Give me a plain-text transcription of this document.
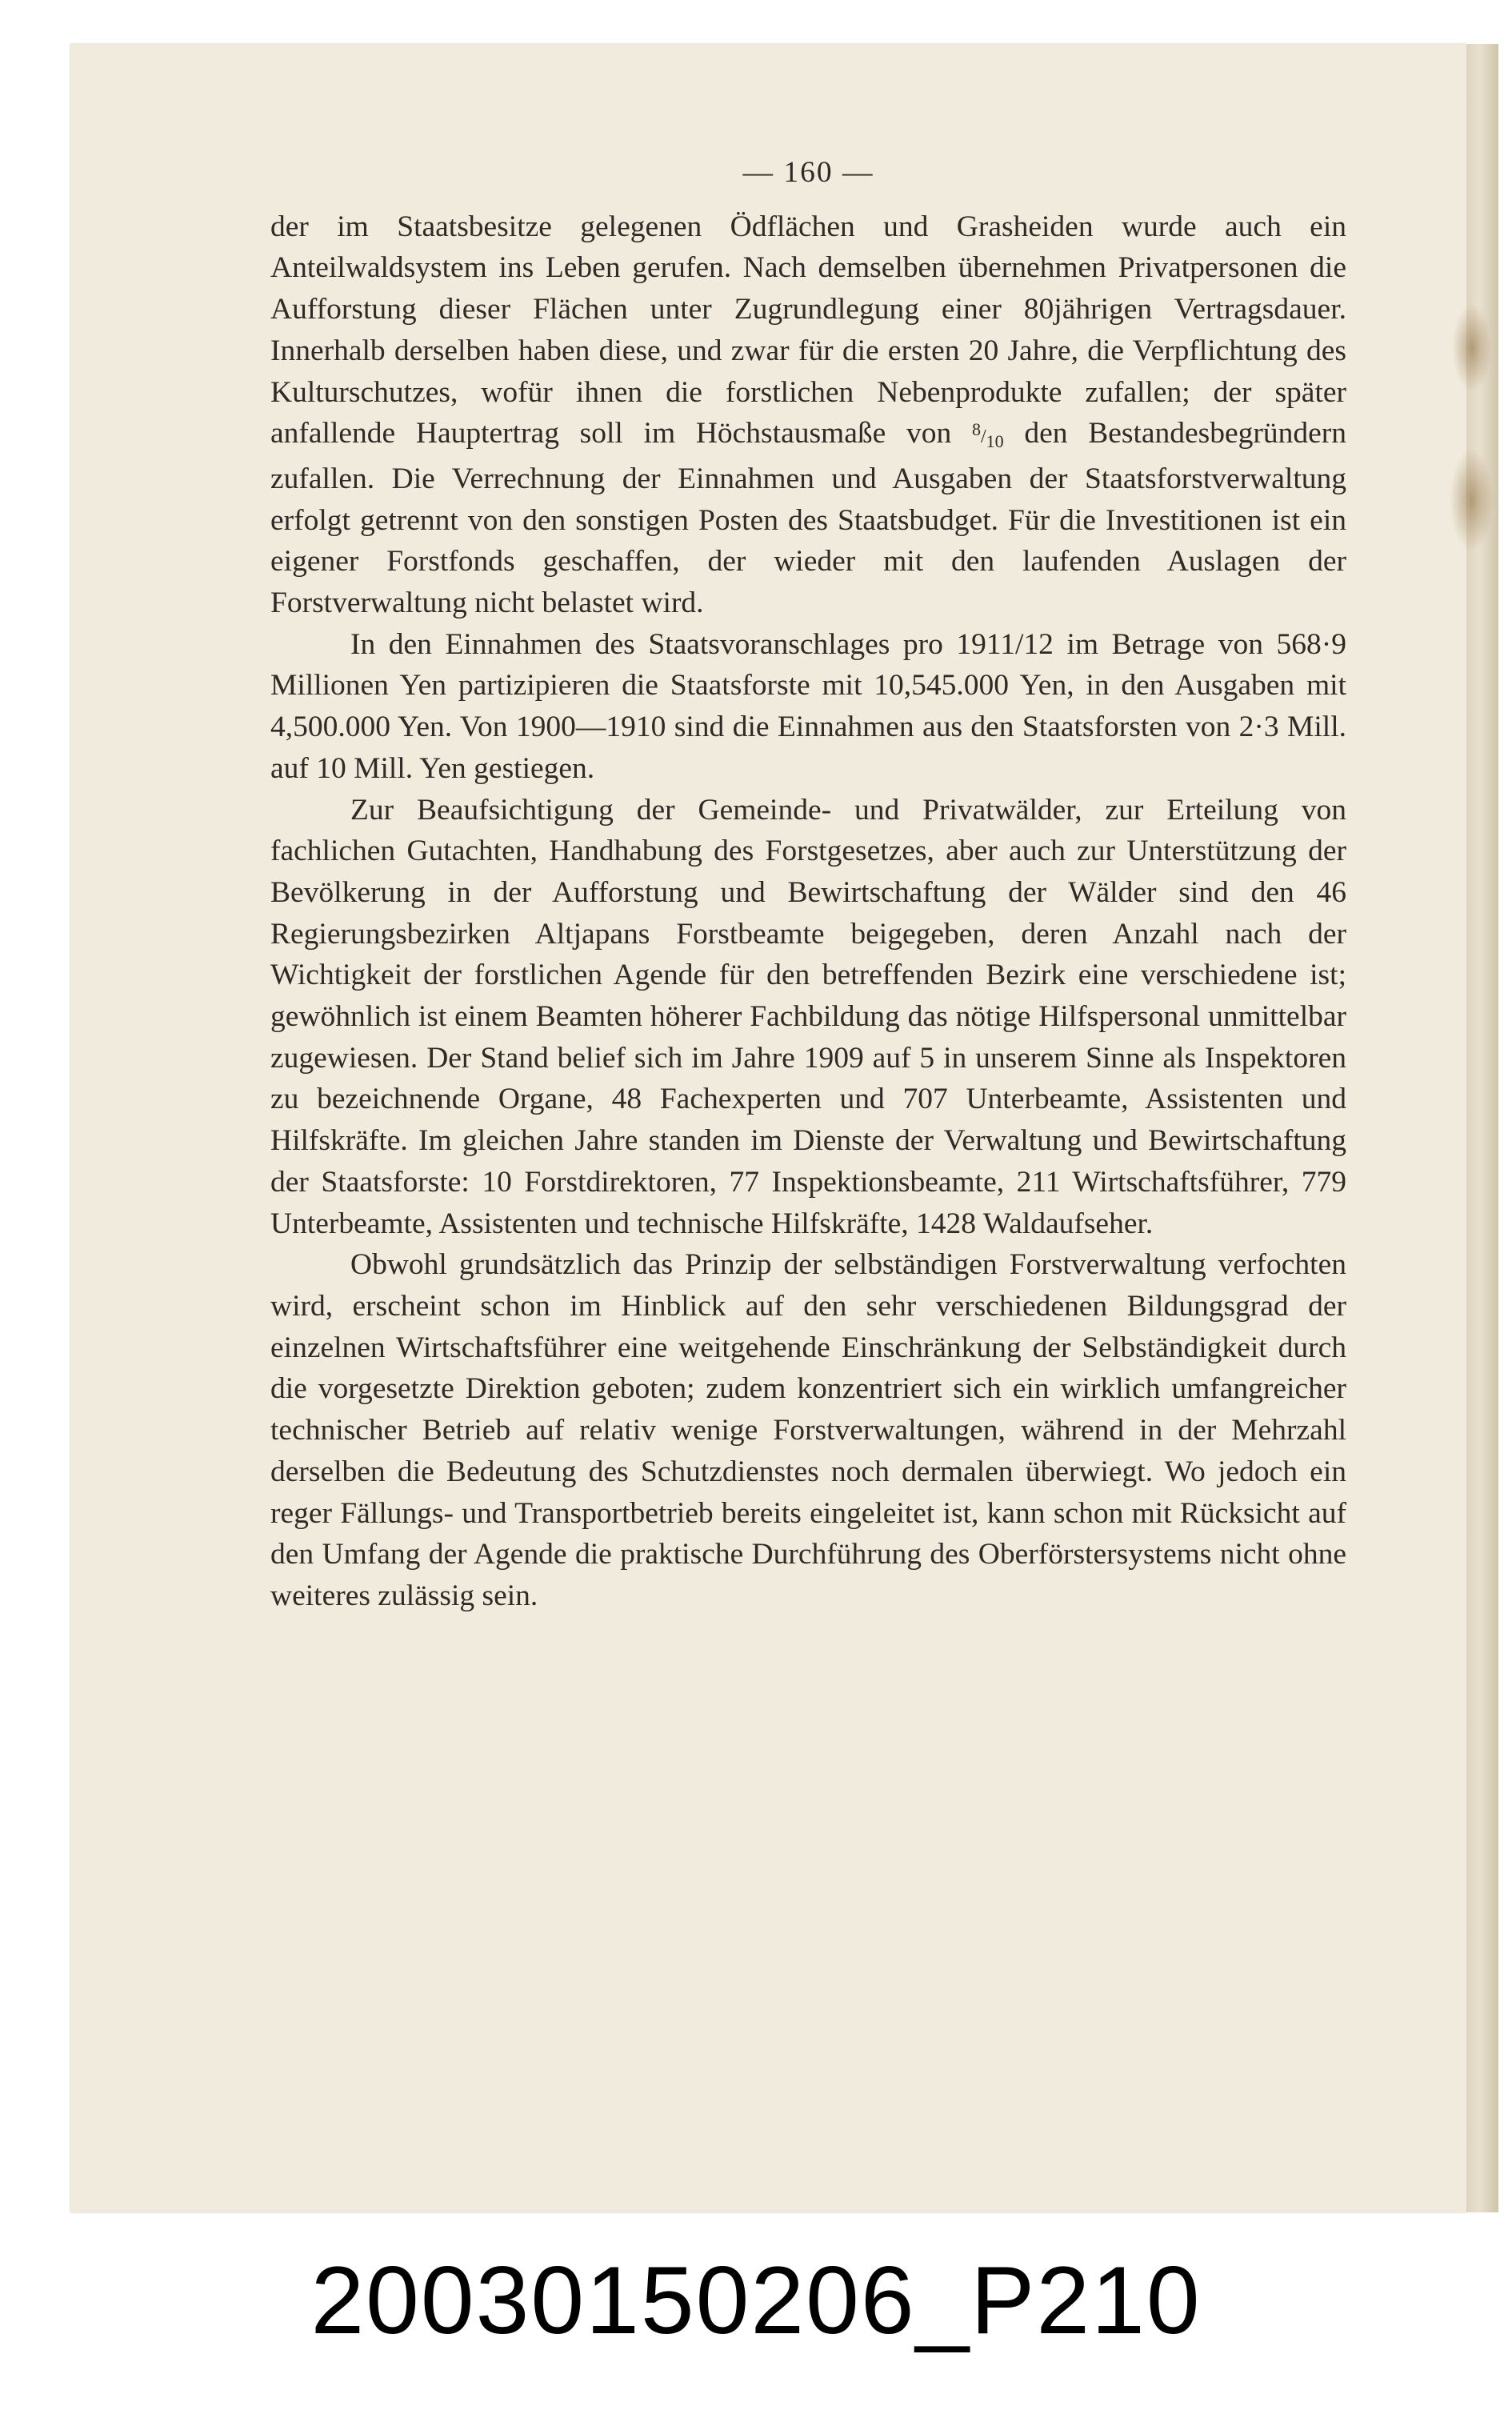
— 160 —

der im Staatsbesitze gelegenen Ödflächen und Grasheiden wurde auch ein Anteilwaldsystem ins Leben gerufen. Nach demselben übernehmen Privatpersonen die Aufforstung dieser Flächen unter Zugrundlegung einer 80jährigen Vertragsdauer. Innerhalb derselben haben diese, und zwar für die ersten 20 Jahre, die Verpflichtung des Kulturschutzes, wofür ihnen die forstlichen Nebenprodukte zufallen; der später anfallende Hauptertrag soll im Höchstausmaße von $^8/_{10}$ den Bestandesbegründern zufallen. Die Verrechnung der Einnahmen und Ausgaben der Staatsforstverwaltung erfolgt getrennt von den sonstigen Posten des Staatsbudget. Für die Investitionen ist ein eigener Forstfonds geschaffen, der wieder mit den laufenden Auslagen der Forstverwaltung nicht belastet wird.

In den Einnahmen des Staatsvoranschlages pro 1911/12 im Betrage von 568·9 Millionen Yen partizipieren die Staatsforste mit 10,545.000 Yen, in den Ausgaben mit 4,500.000 Yen. Von 1900—1910 sind die Einnahmen aus den Staatsforsten von 2·3 Mill. auf 10 Mill. Yen gestiegen.

Zur Beaufsichtigung der Gemeinde- und Privatwälder, zur Erteilung von fachlichen Gutachten, Handhabung des Forstgesetzes, aber auch zur Unterstützung der Bevölkerung in der Aufforstung und Bewirtschaftung der Wälder sind den 46 Regierungsbezirken Altjapans Forstbeamte beigegeben, deren Anzahl nach der Wichtigkeit der forstlichen Agende für den betreffenden Bezirk eine verschiedene ist; gewöhnlich ist einem Beamten höherer Fachbildung das nötige Hilfspersonal unmittelbar zugewiesen. Der Stand belief sich im Jahre 1909 auf 5 in unserem Sinne als Inspektoren zu bezeichnende Organe, 48 Fachexperten und 707 Unterbeamte, Assistenten und Hilfskräfte. Im gleichen Jahre standen im Dienste der Verwaltung und Bewirtschaftung der Staatsforste: 10 Forstdirektoren, 77 Inspektionsbeamte, 211 Wirtschaftsführer, 779 Unterbeamte, Assistenten und technische Hilfskräfte, 1428 Waldaufseher.

Obwohl grundsätzlich das Prinzip der selbständigen Forstverwaltung verfochten wird, erscheint schon im Hinblick auf den sehr verschiedenen Bildungsgrad der einzelnen Wirtschaftsführer eine weitgehende Einschränkung der Selbständigkeit durch die vorgesetzte Direktion geboten; zudem konzentriert sich ein wirklich umfangreicher technischer Betrieb auf relativ wenige Forstverwaltungen, während in der Mehrzahl derselben die Bedeutung des Schutzdienstes noch dermalen überwiegt. Wo jedoch ein reger Fällungs- und Transportbetrieb bereits eingeleitet ist, kann schon mit Rücksicht auf den Umfang der Agende die praktische Durchführung des Oberförstersystems nicht ohne weiteres zulässig sein.

20030150206_P210
